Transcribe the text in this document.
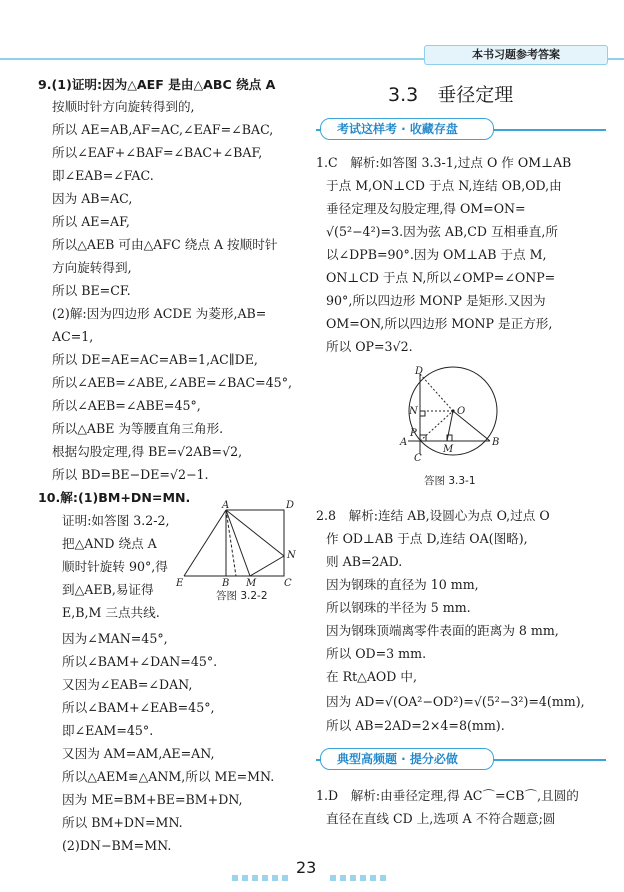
本书习题参考答案
9.(1)证明:因为△AEF 是由△ABC 绕点 A
按顺时针方向旋转得到的,
所以 AE=AB,AF=AC,∠EAF=∠BAC,
所以∠EAF+∠BAF=∠BAC+∠BAF,
即∠EAB=∠FAC.
因为 AB=AC,
所以 AE=AF,
所以△AEB 可由△AFC 绕点 A 按顺时针
方向旋转得到,
所以 BE=CF.
(2)解:因为四边形 ACDE 为菱形,AB=
AC=1,
所以 DE=AE=AC=AB=1,AC∥DE,
所以∠AEB=∠ABE,∠ABE=∠BAC=45°,
所以∠AEB=∠ABE=45°,
所以△ABE 为等腰直角三角形.
根据勾股定理,得 BE=√2AB=√2,
所以 BD=BE−DE=√2−1.
10.解:(1)BM+DN=MN.
证明:如答图 3.2-2,
把△AND 绕点 A
顺时针旋转 90°,得
到△AEB,易证得
E,B,M 三点共线.
因为∠MAN=45°,
所以∠BAM+∠DAN=45°.
又因为∠EAB=∠DAN,
所以∠BAM+∠EAB=45°,
即∠EAM=45°.
又因为 AM=AM,AE=AN,
所以△AEM≌△ANM,所以 ME=MN.
因为 ME=BM+BE=BM+DN,
所以 BM+DN=MN.
(2)DN−BM=MN.
A	D
N
E	B M	C
答图 3.2-2
3.3　垂径定理
考试这样考 · 收藏存盘
1.C　解析:如答图 3.3-1,过点 O 作 OM⊥AB
于点 M,ON⊥CD 于点 N,连结 OB,OD,由
垂径定理及勾股定理,得 OM=ON=
√(5²−4²)=3.因为弦 AB,CD 互相垂直,所
以∠DPB=90°.因为 OM⊥AB 于点 M,
ON⊥CD 于点 N,所以∠OMP=∠ONP=
90°,所以四边形 MONP 是矩形.又因为
OM=ON,所以四边形 MONP 是正方形,
所以 OP=3√2.
D
N	O
P
A
M
B
C
答图 3.3-1
2.8　解析:连结 AB,设圆心为点 O,过点 O
作 OD⊥AB 于点 D,连结 OA(图略),
则 AB=2AD.
因为钢珠的直径为 10 mm,
所以钢珠的半径为 5 mm.
因为钢珠顶端离零件表面的距离为 8 mm,
所以 OD=3 mm.
在 Rt△AOD 中,
因为 AD=√(OA²−OD²)=√(5²−3²)=4(mm),
所以 AB=2AD=2×4=8(mm).
典型高频题 · 提分必做
1.D　解析:由垂径定理,得 AC⌒=CB⌒,且圆的
直径在直线 CD 上,选项 A 不符合题意;圆
23
